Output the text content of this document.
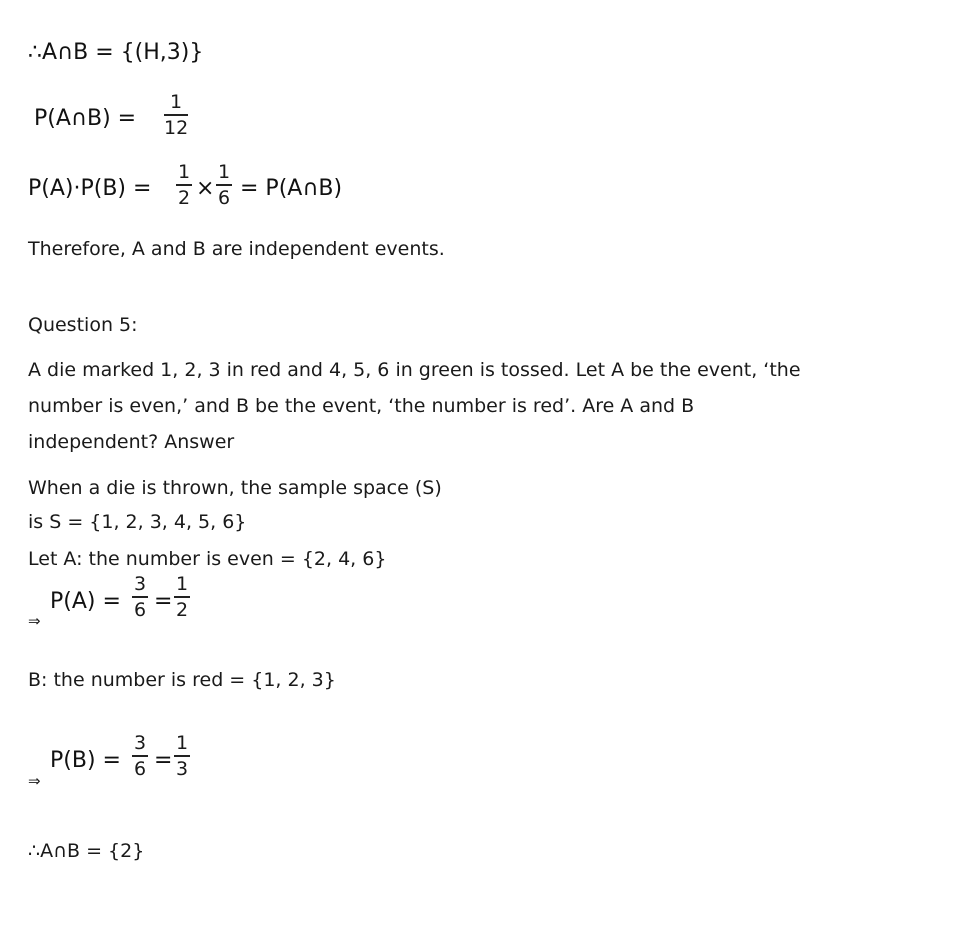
∴A∩B = {(H,3)}
P(A∩B) =
1
12
P(A)·P(B) =
1
2 ×
1
6 = P(A∩B)
Therefore, A and B are independent events.
Question 5:
A die marked 1, 2, 3 in red and 4, 5, 6 in green is tossed. Let A be the event, ‘the
number is even,’ and B be the event, ‘the number is red’. Are A and B
independent? Answer
When a die is thrown, the sample space (S)
is S = {1, 2, 3, 4, 5, 6}
Let A: the number is even = {2, 4, 6}
⇒
P(A) =
3
6 =
1
2
B: the number is red = {1, 2, 3}
⇒
P(B) =
3
6 =
1
3
∴A∩B = {2}
